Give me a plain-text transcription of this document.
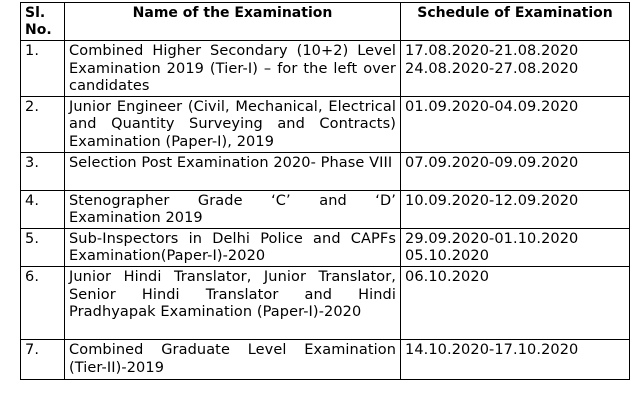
Sl. No.	Name of the Examination	Schedule of Examination
1.	Combined Higher Secondary (10+2) Level Examination 2019 (Tier-I) – for the left over candidates	17.08.2020-21.08.2020
24.08.2020-27.08.2020

2.	Junior Engineer (Civil, Mechanical, Electrical and Quantity Surveying and Contracts) Examination (Paper-I), 2019	01.09.2020-04.09.2020

3.	Selection Post Examination 2020- Phase VIII	07.09.2020-09.09.2020

4.	Stenographer Grade ‘C’ and ‘D’ Examination 2019	10.09.2020-12.09.2020

5.	Sub-Inspectors in Delhi Police and CAPFs Examination(Paper-I)-2020	29.09.2020-01.10.2020
05.10.2020

6.	Junior Hindi Translator, Junior Translator, Senior Hindi Translator and Hindi Pradhyapak Examination (Paper-I)-2020	06.10.2020

7.	Combined Graduate Level Examination (Tier-II)-2019	14.10.2020-17.10.2020
